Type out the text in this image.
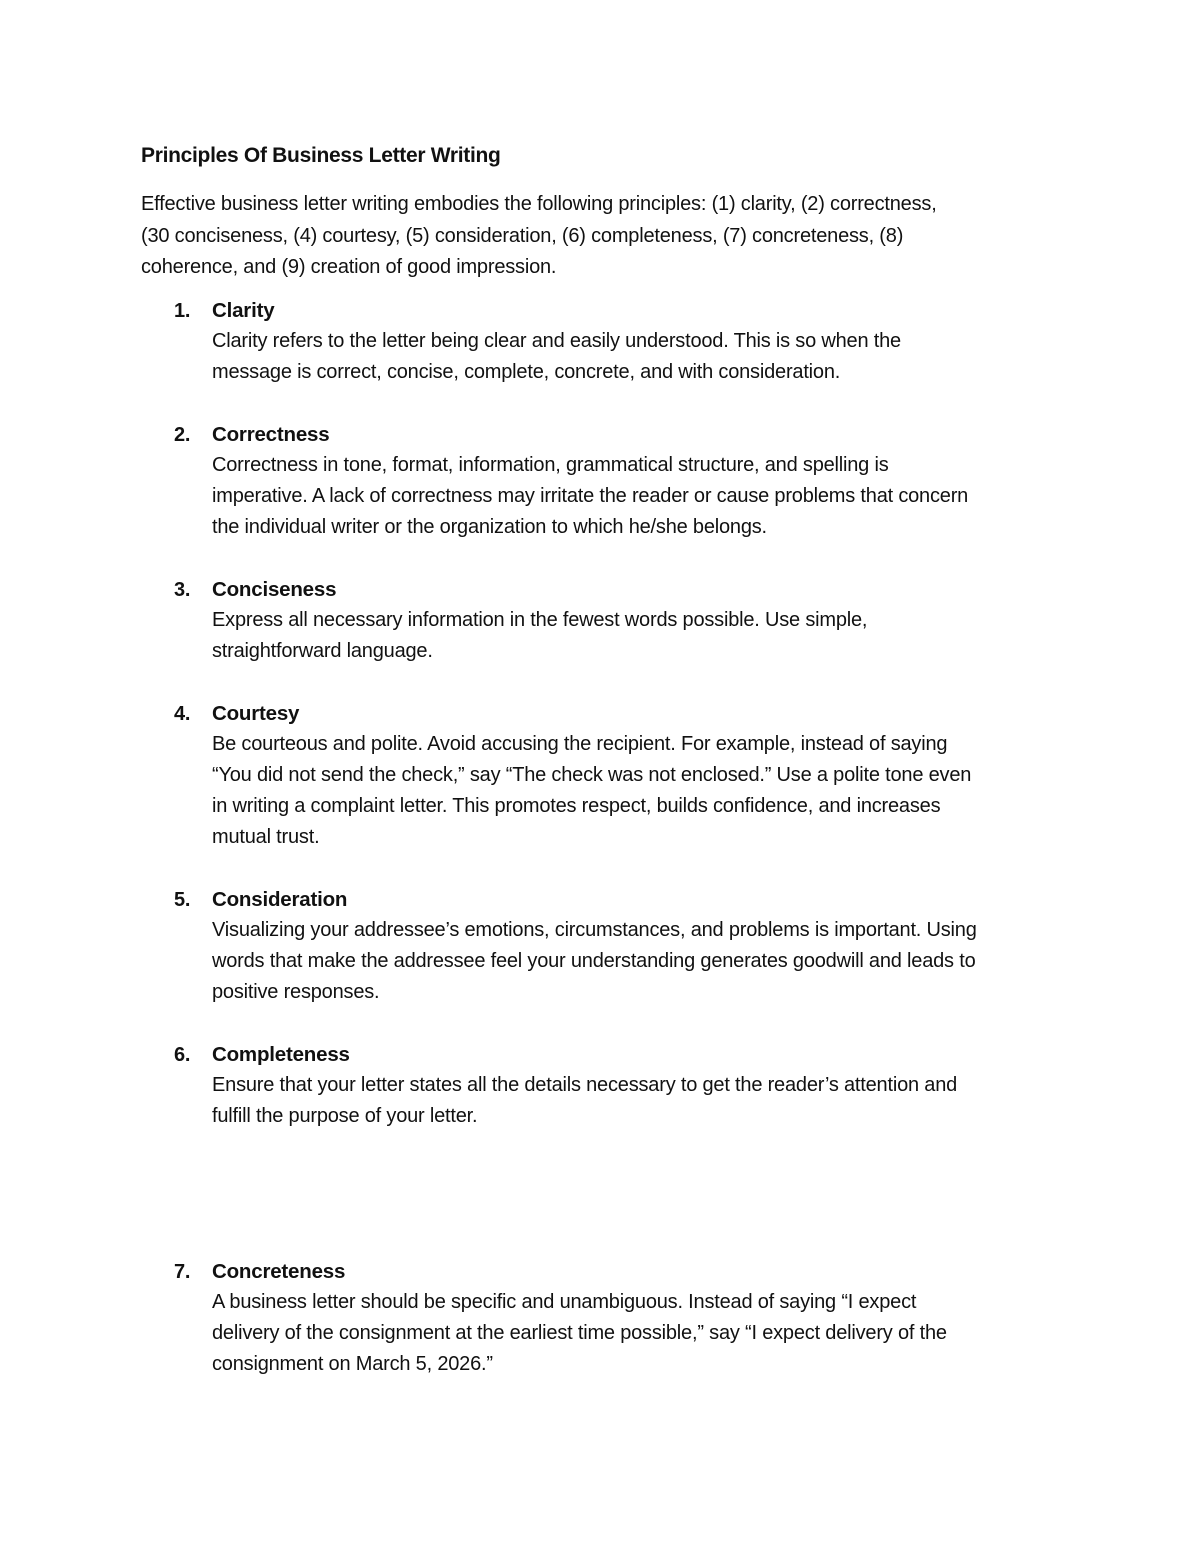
Principles Of Business Letter Writing
Effective business letter writing embodies the following principles: (1) clarity, (2) correctness,
(30 conciseness, (4) courtesy, (5) consideration, (6) completeness, (7) concreteness, (8)
coherence, and (9) creation of good impression.
1. Clarity
Clarity refers to the letter being clear and easily understood. This is so when the
message is correct, concise, complete, concrete, and with consideration.
2. Correctness
Correctness in tone, format, information, grammatical structure, and spelling is
imperative. A lack of correctness may irritate the reader or cause problems that concern
the individual writer or the organization to which he/she belongs.
3. Conciseness
Express all necessary information in the fewest words possible. Use simple,
straightforward language.
4. Courtesy
Be courteous and polite. Avoid accusing the recipient. For example, instead of saying
“You did not send the check,” say “The check was not enclosed.” Use a polite tone even
in writing a complaint letter. This promotes respect, builds confidence, and increases
mutual trust.
5. Consideration
Visualizing your addressee’s emotions, circumstances, and problems is important. Using
words that make the addressee feel your understanding generates goodwill and leads to
positive responses.
6. Completeness
Ensure that your letter states all the details necessary to get the reader’s attention and
fulfill the purpose of your letter.
7. Concreteness
A business letter should be specific and unambiguous. Instead of saying “I expect
delivery of the consignment at the earliest time possible,” say “I expect delivery of the
consignment on March 5, 2026.”
